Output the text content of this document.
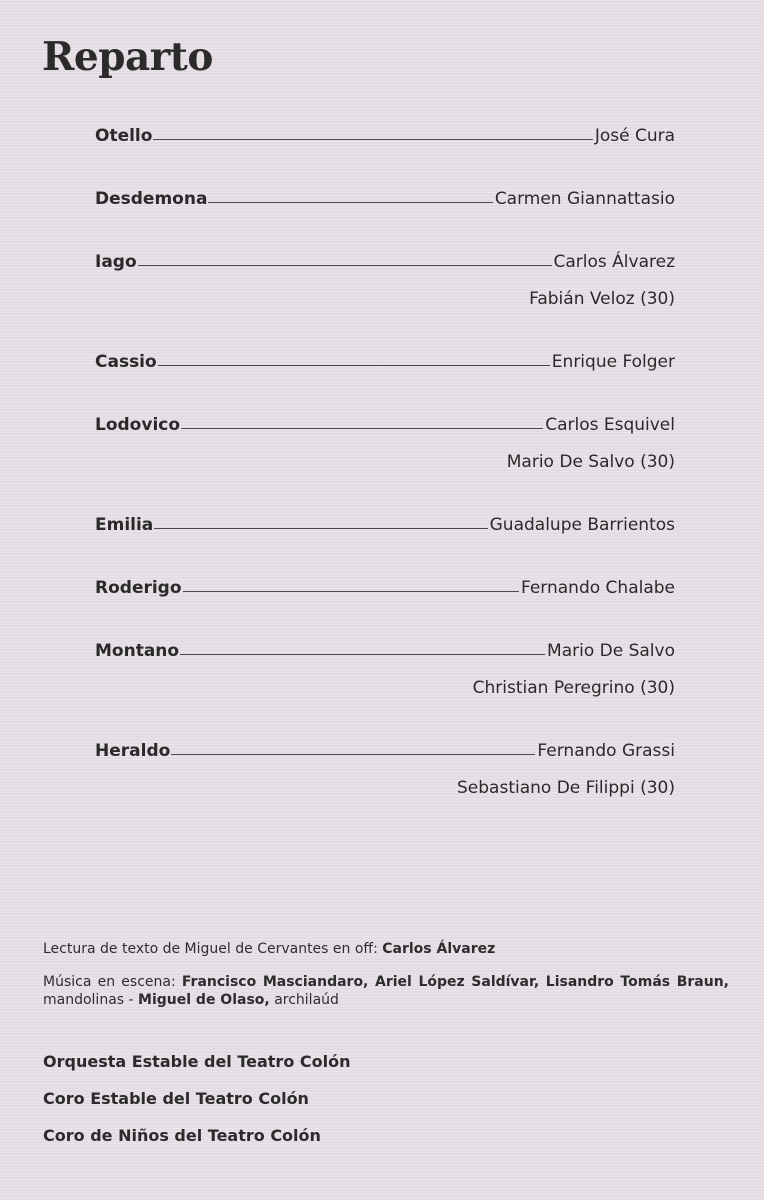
Reparto
Otello	José Cura
Desdemona	Carmen Giannattasio
Iago	Carlos Álvarez
Fabián Veloz (30)
Cassio	Enrique Folger
Lodovico	Carlos Esquivel
Mario De Salvo (30)
Emilia	Guadalupe Barrientos
Roderigo	Fernando Chalabe
Montano	Mario De Salvo
Christian Peregrino (30)
Heraldo	Fernando Grassi
Sebastiano De Filippi (30)

Lectura de texto de Miguel de Cervantes en off: Carlos Álvarez

Música en escena: Francisco Masciandaro, Ariel López Saldívar, Lisandro Tomás Braun, mandolinas - Miguel de Olaso, archilaúd

Orquesta Estable del Teatro Colón
Coro Estable del Teatro Colón
Coro de Niños del Teatro Colón
